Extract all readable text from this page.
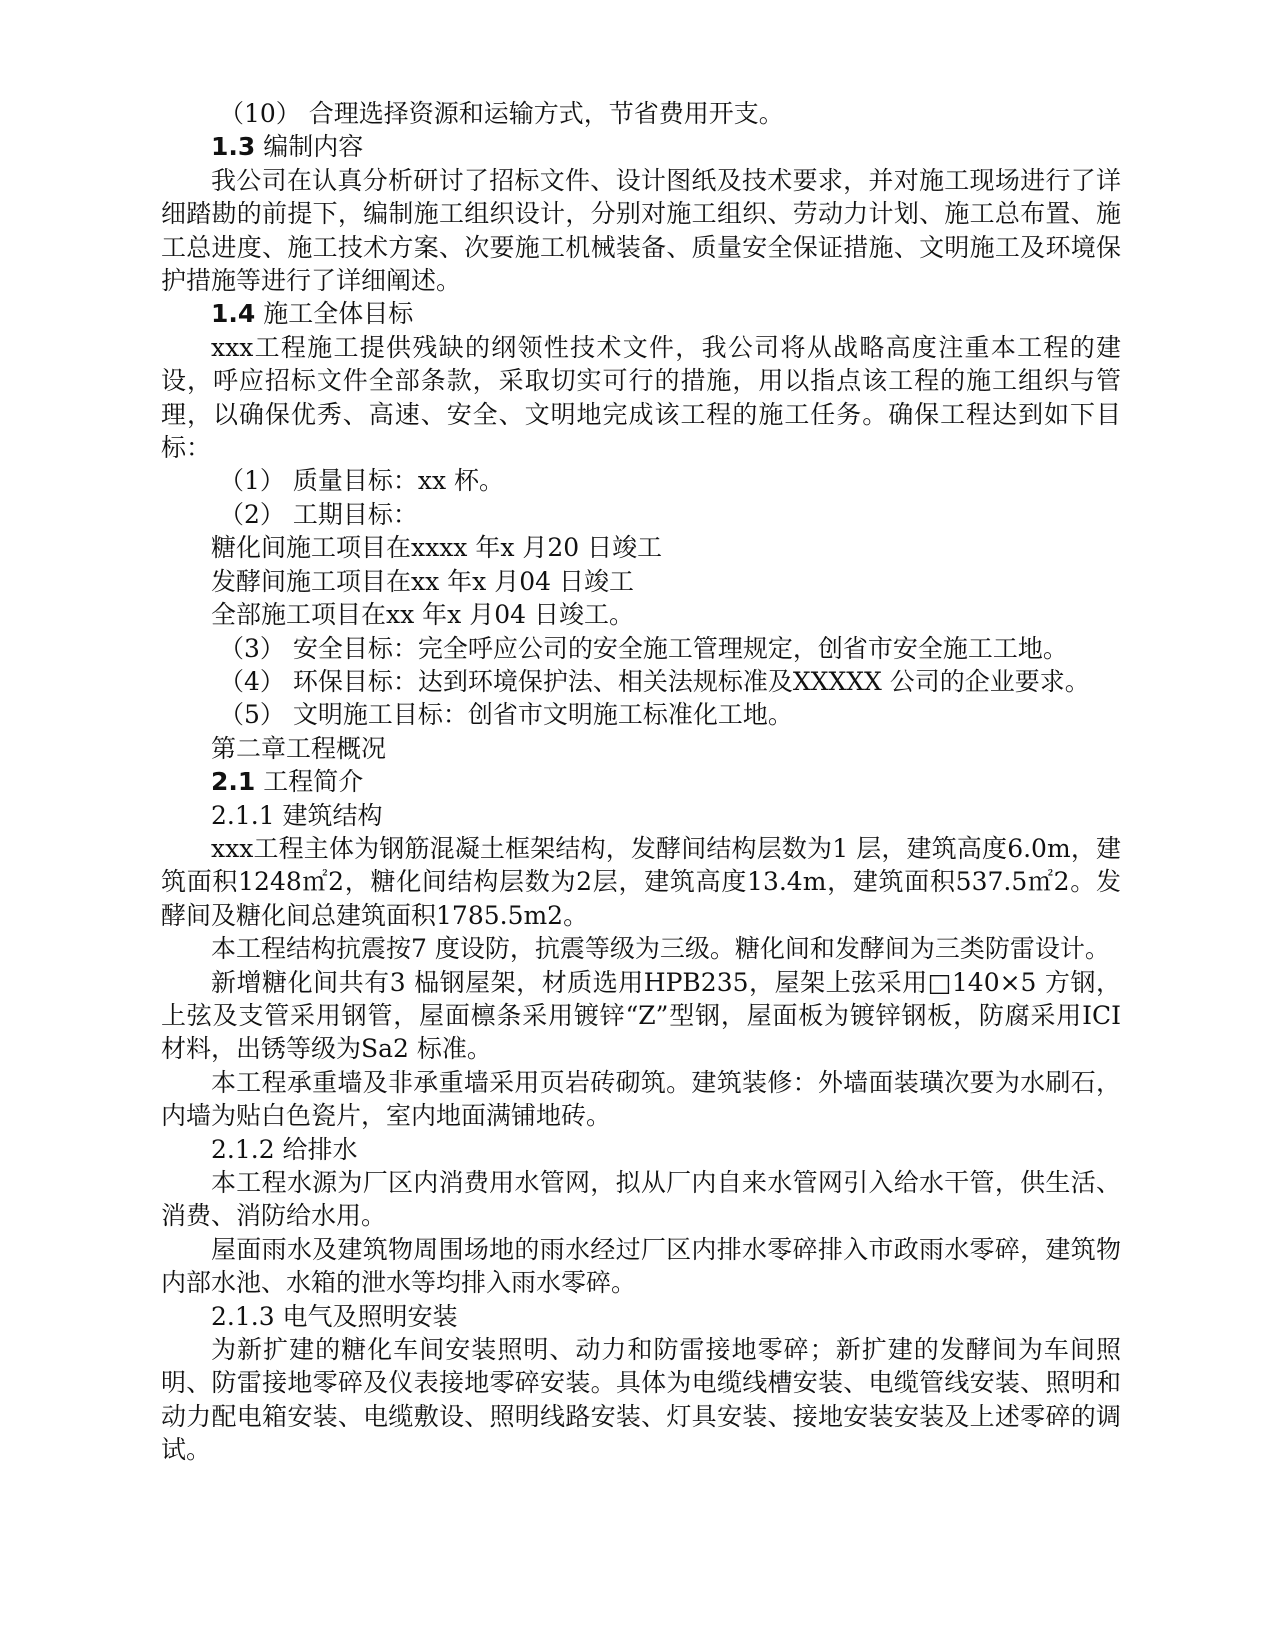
（10） 合理选择资源和运输方式，节省费用开支。

1.3 编制内容

我公司在认真分析研讨了招标文件、设计图纸及技术要求，并对施工现场进行了详细踏勘的前提下，编制施工组织设计，分别对施工组织、劳动力计划、施工总布置、施工总进度、施工技术方案、次要施工机械装备、质量安全保证措施、文明施工及环境保护措施等进行了详细阐述。

1.4 施工全体目标

xxx工程施工提供残缺的纲领性技术文件，我公司将从战略高度注重本工程的建设，呼应招标文件全部条款，采取切实可行的措施，用以指点该工程的施工组织与管理，以确保优秀、高速、安全、文明地完成该工程的施工任务。确保工程达到如下目标：

（1） 质量目标：xx 杯。

（2） 工期目标：

糖化间施工项目在xxxx 年x 月20 日竣工

发酵间施工项目在xx 年x 月04 日竣工

全部施工项目在xx 年x 月04 日竣工。

（3） 安全目标：完全呼应公司的安全施工管理规定，创省市安全施工工地。

（4） 环保目标：达到环境保护法、相关法规标准及XXXXX 公司的企业要求。

（5） 文明施工目标：创省市文明施工标准化工地。

第二章工程概况

2.1 工程简介

2.1.1 建筑结构

xxx工程主体为钢筋混凝土框架结构，发酵间结构层数为1 层，建筑高度6.0m，建筑面积1248㎡2，糖化间结构层数为2层，建筑高度13.4m，建筑面积537.5㎡2。发酵间及糖化间总建筑面积1785.5m2。

本工程结构抗震按7 度设防，抗震等级为三级。糖化间和发酵间为三类防雷设计。

新增糖化间共有3 榀钢屋架，材质选用HPB235，屋架上弦采用□140×5 方钢，上弦及支管采用钢管，屋面檩条采用镀锌“Z”型钢，屋面板为镀锌钢板，防腐采用ICI 材料，出锈等级为Sa2 标准。

本工程承重墙及非承重墙采用页岩砖砌筑。建筑装修：外墙面装璜次要为水刷石，内墙为贴白色瓷片，室内地面满铺地砖。

2.1.2 给排水

本工程水源为厂区内消费用水管网，拟从厂内自来水管网引入给水干管，供生活、消费、消防给水用。

屋面雨水及建筑物周围场地的雨水经过厂区内排水零碎排入市政雨水零碎，建筑物内部水池、水箱的泄水等均排入雨水零碎。

2.1.3 电气及照明安装

为新扩建的糖化车间安装照明、动力和防雷接地零碎；新扩建的发酵间为车间照明、防雷接地零碎及仪表接地零碎安装。具体为电缆线槽安装、电缆管线安装、照明和动力配电箱安装、电缆敷设、照明线路安装、灯具安装、接地安装安装及上述零碎的调试。
